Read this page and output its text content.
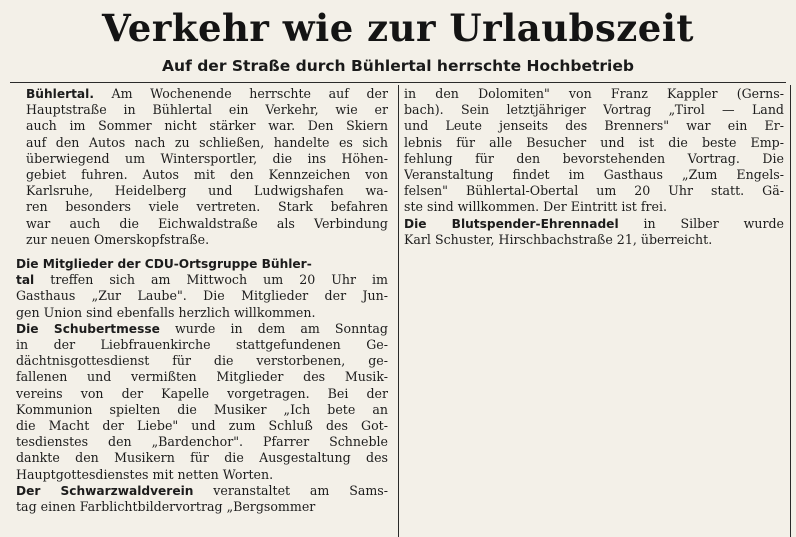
Verkehr wie zur Urlaubszeit
Auf der Straße durch Bühlertal herrschte Hochbetrieb
Bühlertal. Am Wochenende herrschte auf der
Hauptstraße in Bühlertal ein Verkehr, wie er
auch im Sommer nicht stärker war. Den Skiern
auf den Autos nach zu schließen, handelte es sich
überwiegend um Wintersportler, die ins Höhen-
gebiet fuhren. Autos mit den Kennzeichen von
Karlsruhe, Heidelberg und Ludwigshafen wa-
ren besonders viele vertreten. Stark befahren
war auch die Eichwaldstraße als Verbindung
zur neuen Omerskopfstraße.
Die Mitglieder der CDU-Ortsgruppe Bühler-
tal treffen sich am Mittwoch um 20 Uhr im
Gasthaus „Zur Laube". Die Mitglieder der Jun-
gen Union sind ebenfalls herzlich willkommen.
Die Schubertmesse wurde in dem am Sonntag
in der Liebfrauenkirche stattgefundenen Ge-
dächtnisgottesdienst für die verstorbenen, ge-
fallenen und vermißten Mitglieder des Musik-
vereins von der Kapelle vorgetragen. Bei der
Kommunion spielten die Musiker „Ich bete an
die Macht der Liebe" und zum Schluß des Got-
tesdienstes den „Bardenchor". Pfarrer Schneble
dankte den Musikern für die Ausgestaltung des
Hauptgottesdienstes mit netten Worten.
Der Schwarzwaldverein veranstaltet am Sams-
tag einen Farblichtbildervortrag „Bergsommer
in den Dolomiten" von Franz Kappler (Gerns-
bach). Sein letztjähriger Vortrag „Tirol — Land
und Leute jenseits des Brenners" war ein Er-
lebnis für alle Besucher und ist die beste Emp-
fehlung für den bevorstehenden Vortrag. Die
Veranstaltung findet im Gasthaus „Zum Engels-
felsen" Bühlertal-Obertal um 20 Uhr statt. Gä-
ste sind willkommen. Der Eintritt ist frei.
Die Blutspender-Ehrennadel in Silber wurde
Karl Schuster, Hirschbachstraße 21, überreicht.
